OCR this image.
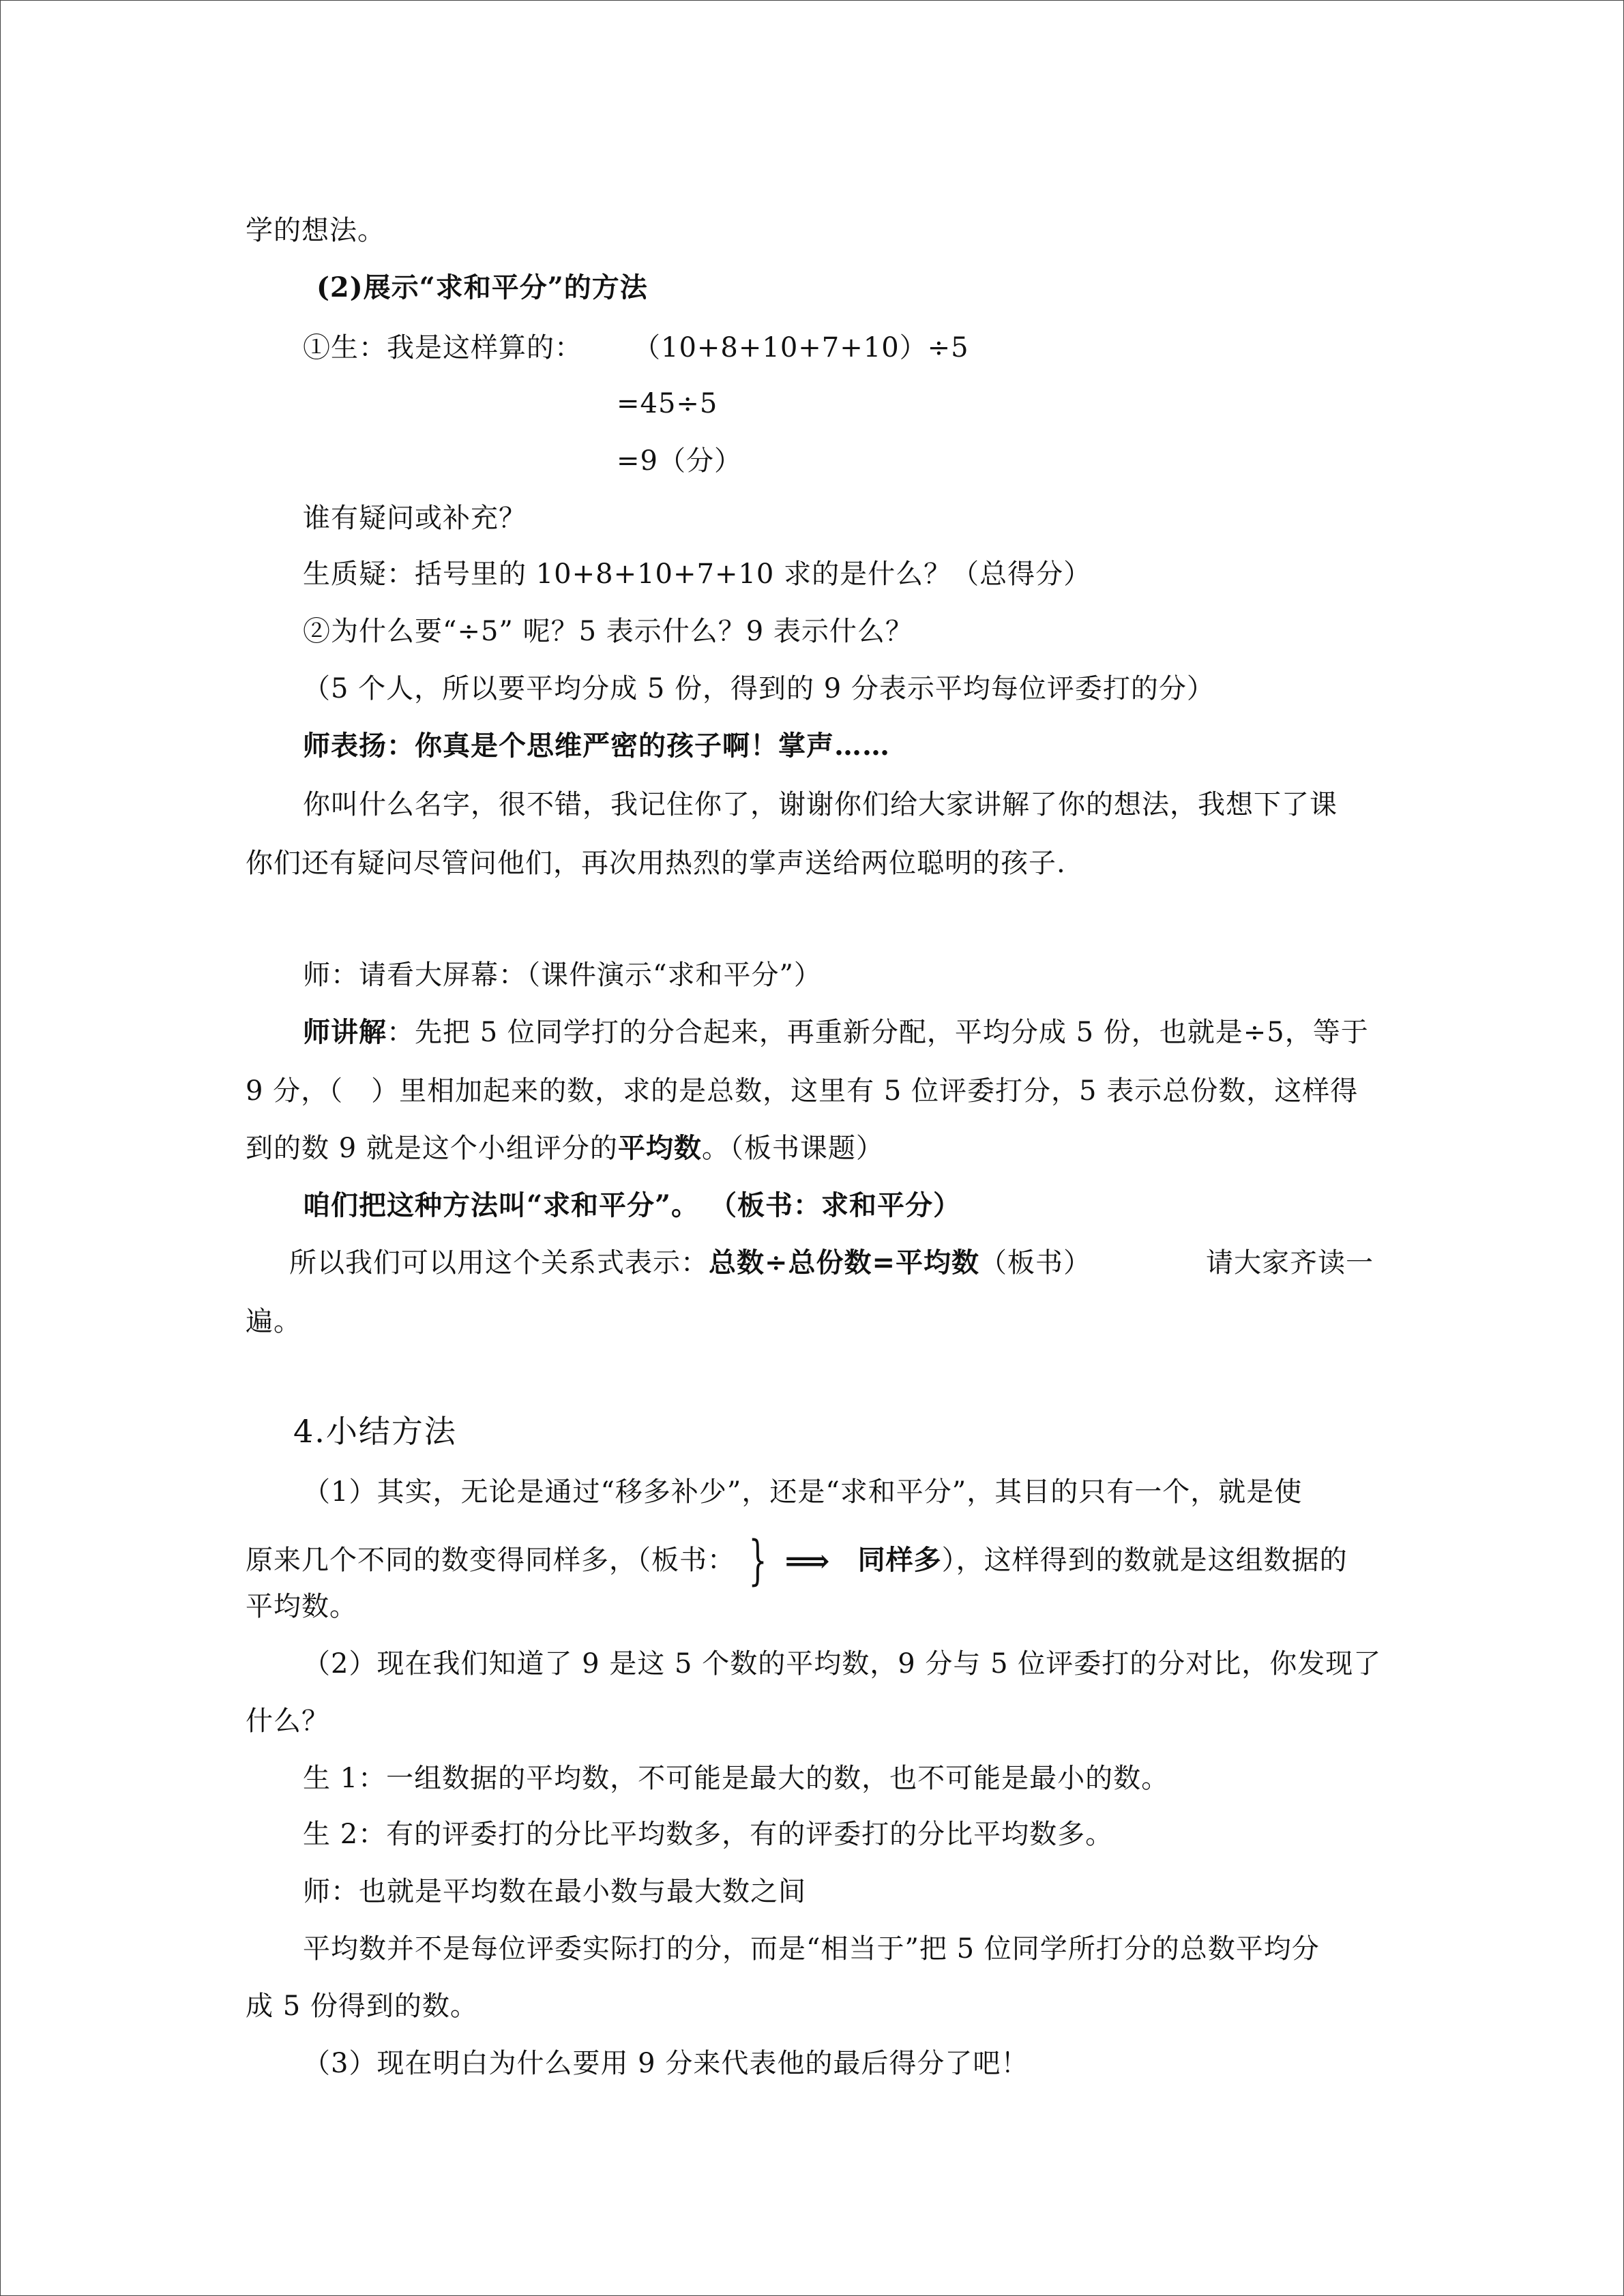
学的想法。
(2)展示“求和平分”的方法
①生：我是这样算的： （10+8+10+7+10）÷5
=45÷5
=9（分）
谁有疑问或补充？
生质疑：括号里的 10+8+10+7+10 求的是什么？（总得分）
②为什么要“÷5” 呢？5 表示什么？9 表示什么？
（5 个人，所以要平均分成 5 份，得到的 9 分表示平均每位评委打的分）
师表扬：你真是个思维严密的孩子啊！掌声……
你叫什么名字，很不错，我记住你了，谢谢你们给大家讲解了你的想法，我想下了课
你们还有疑问尽管问他们，再次用热烈的掌声送给两位聪明的孩子.
师：请看大屏幕：（课件演示“求和平分”）
师讲解：先把 5 位同学打的分合起来，再重新分配，平均分成 5 份，也就是÷5，等于
9 分，（　）里相加起来的数，求的是总数，这里有 5 位评委打分，5 表示总份数，这样得
到的数 9 就是这个小组评分的平均数。（板书课题）
咱们把这种方法叫“求和平分”。 （板书：求和平分）
所以我们可以用这个关系式表示：总数÷总份数=平均数（板书）	请大家齐读一
遍。
4.小结方法
（1）其实，无论是通过“移多补少”，还是“求和平分”，其目的只有一个，就是使
原来几个不同的数变得同样多，（板书： } ⟹ 同样多），这样得到的数就是这组数据的
平均数。
（2）现在我们知道了 9 是这 5 个数的平均数，9 分与 5 位评委打的分对比，你发现了
什么？
生 1：一组数据的平均数，不可能是最大的数，也不可能是最小的数。
生 2：有的评委打的分比平均数多，有的评委打的分比平均数多。
师：也就是平均数在最小数与最大数之间
平均数并不是每位评委实际打的分，而是“相当于”把 5 位同学所打分的总数平均分
成 5 份得到的数。
（3）现在明白为什么要用 9 分来代表他的最后得分了吧！
